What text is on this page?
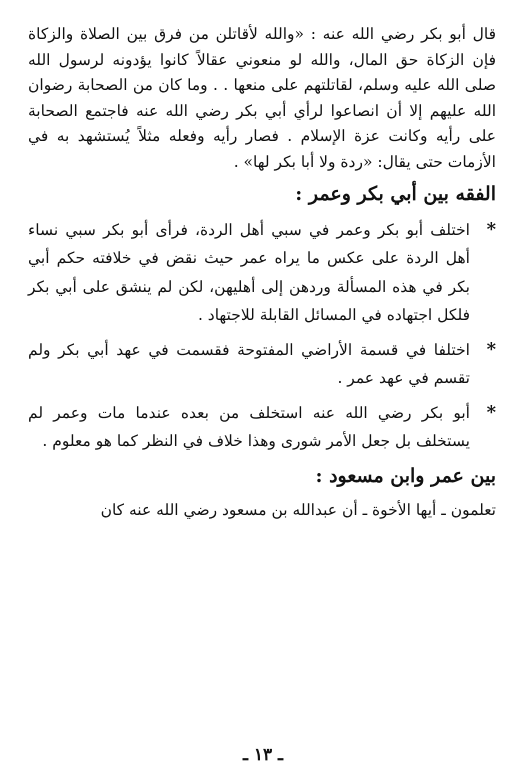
قال أبو بكر رضي الله عنه : «والله لأقاتلن من فرق بين الصلاة والزكاة فإن الزكاة حق المال، والله لو منعوني عقالاً كانوا يؤدونه لرسول الله صلى الله عليه وسلم، لقاتلتهم على منعها . . وما كان من الصحابة رضوان الله عليهم إلا أن انصاعوا لرأي أبي بكر رضي الله عنه فاجتمع الصحابة على رأيه وكانت عزة الإسلام . فصار رأيه وفعله مثلاً يُستشهد به في الأزمات حتى يقال: «ردة ولا أبا بكر لها» .

الفقه بين أبي بكر وعمر :

*
اختلف أبو بكر وعمر في سبي أهل الردة، فرأى أبو بكر سبي نساء أهل الردة على عكس ما يراه عمر حيث نقض في خلافته حكم أبي بكر في هذه المسألة وردهن إلى أهليهن، لكن لم ينشق على أبي بكر فلكل اجتهاده في المسائل القابلة للاجتهاد .

*
اختلفا في قسمة الأراضي المفتوحة فقسمت في عهد أبي بكر ولم تقسم في عهد عمر .

*
أبو بكر رضي الله عنه استخلف من بعده عندما مات وعمر لم يستخلف بل جعل الأمر شورى وهذا خلاف في النظر كما هو معلوم .

بين عمر وابن مسعود :

تعلمون ـ أيها الأخوة ـ أن عبدالله بن مسعود رضي الله عنه كان

ـ ١٣ ـ
